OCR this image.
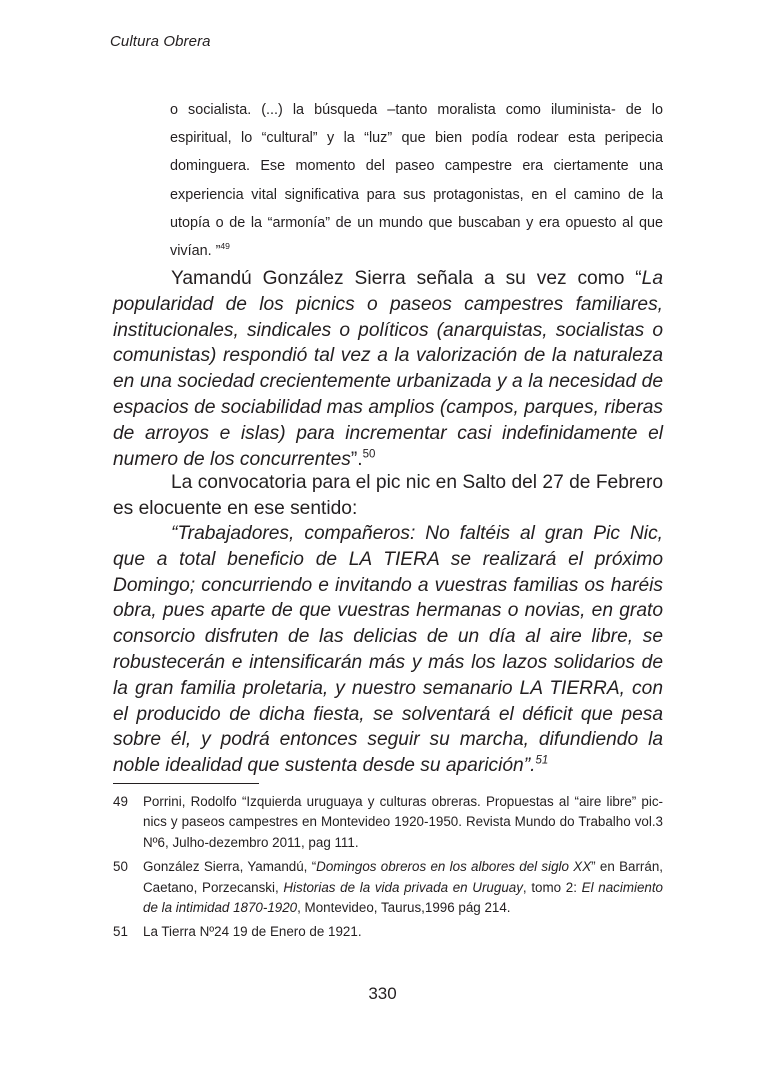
Cultura Obrera
o socialista. (...) la búsqueda –tanto moralista como iluminista- de lo espiritual, lo “cultural” y la “luz” que bien podía rodear esta peripecia dominguera. Ese momento del paseo campestre era ciertamente una experiencia vital significativa para sus protagonistas, en el camino de la utopía o de la “armonía” de un mundo que buscaban y era opuesto al que vivían. ”$^{49}$
Yamandú González Sierra señala a su vez como “La popularidad de los picnics o paseos campestres familiares, institucionales, sindicales o políticos (anarquistas, socialistas o comunistas) respondió tal vez a la valorización de la naturaleza en una sociedad crecientemente urbanizada y a la necesidad de espacios de sociabilidad mas amplios (campos, parques, riberas de arroyos e islas) para incrementar casi indefinidamente el numero de los concurrentes”.$^{50}$
La convocatoria para el pic nic en Salto del 27 de Febrero es elocuente en ese sentido:
“Trabajadores, compañeros: No faltéis al gran Pic Nic, que a total beneficio de LA TIERA se realizará el próximo Domingo; concurriendo e invitando a vuestras familias os haréis obra, pues aparte de que vuestras hermanas o novias, en grato consorcio disfruten de las delicias de un día al aire libre, se robustecerán e intensificarán más y más los lazos solidarios de la gran familia proletaria, y nuestro semanario LA TIERRA, con el producido de dicha fiesta, se solventará el déficit que pesa sobre él, y podrá entonces seguir su marcha, difundiendo la noble idealidad que sustenta desde su aparición”.$^{51}$
49	Porrini, Rodolfo “Izquierda uruguaya y culturas obreras. Propuestas al “aire libre” pic-nics y paseos campestres en Montevideo 1920-1950. Revista Mundo do Trabalho vol.3 Nº6, Julho-dezembro 2011, pag 111.
50	González Sierra, Yamandú, “Domingos obreros en los albores del siglo XX” en Barrán, Caetano, Porzecanski, Historias de la vida privada en Uruguay, tomo 2: El nacimiento de la intimidad 1870-1920, Montevideo, Taurus,1996 pág 214.
51	La Tierra Nº24 19 de Enero de 1921.
330
